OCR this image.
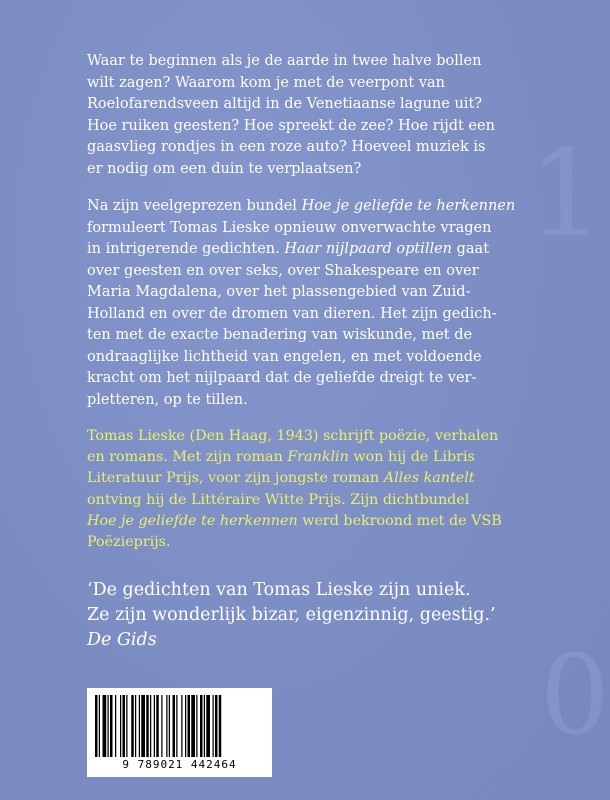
1
0

Waar te beginnen als je de aarde in twee halve bollen
wilt zagen? Waarom kom je met de veerpont van
Roelofarendsveen altijd in de Venetiaanse lagune uit?
Hoe ruiken geesten? Hoe spreekt de zee? Hoe rijdt een
gaasvlieg rondjes in een roze auto? Hoeveel muziek is
er nodig om een duin te verplaatsen?

Na zijn veelgeprezen bundel Hoe je geliefde te herkennen
formuleert Tomas Lieske opnieuw onverwachte vragen
in intrigerende gedichten. Haar nijlpaard optillen gaat
over geesten en over seks, over Shakespeare en over
Maria Magdalena, over het plassengebied van Zuid-
Holland en over de dromen van dieren. Het zijn gedich-
ten met de exacte benadering van wiskunde, met de
ondraaglijke lichtheid van engelen, en met voldoende
kracht om het nijlpaard dat de geliefde dreigt te ver-
pletteren, op te tillen.

Tomas Lieske (Den Haag, 1943) schrijft poëzie, verhalen
en romans. Met zijn roman Franklin won hij de Libris
Literatuur Prijs, voor zijn jongste roman Alles kantelt
ontving hij de Littéraire Witte Prijs. Zijn dichtbundel
Hoe je geliefde te herkennen werd bekroond met de VSB
Poëzieprijs.

‘De gedichten van Tomas Lieske zijn uniek.
Ze zijn wonderlijk bizar, eigenzinnig, geestig.’
De Gids

9 789021 442464
